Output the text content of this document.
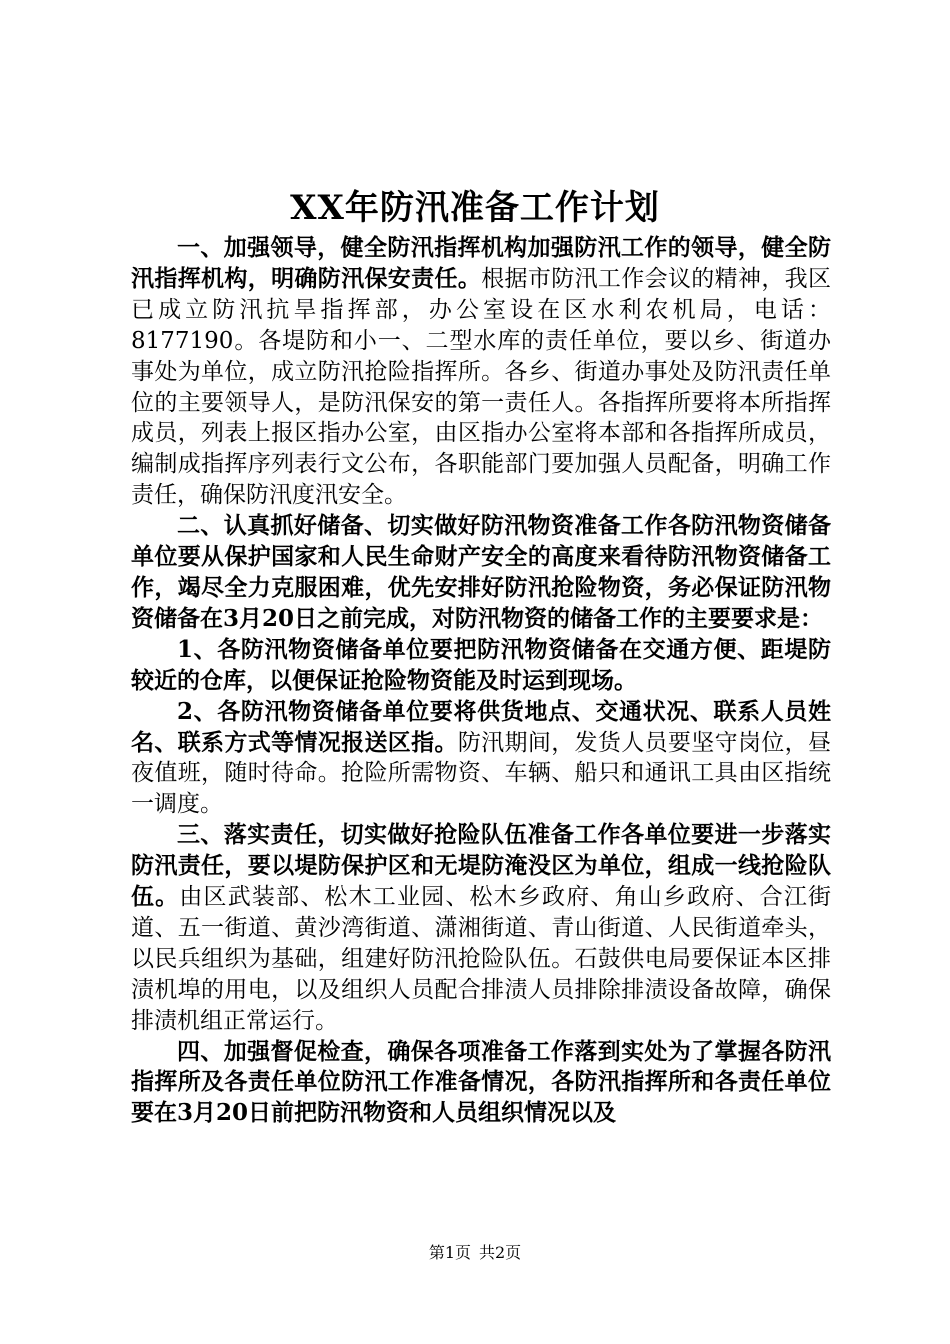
XX年防汛准备工作计划

一、加强领导，健全防汛指挥机构加强防汛工作的领导，健全防汛指挥机构，明确防汛保安责任。根据市防汛工作会议的精神，我区已成立防汛抗旱指挥部，办公室设在区水利农机局，电话：8177190。各堤防和小一、二型水库的责任单位，要以乡、街道办事处为单位，成立防汛抢险指挥所。各乡、街道办事处及防汛责任单位的主要领导人，是防汛保安的第一责任人。各指挥所要将本所指挥成员，列表上报区指办公室，由区指办公室将本部和各指挥所成员，编制成指挥序列表行文公布，各职能部门要加强人员配备，明确工作责任，确保防汛度汛安全。

二、认真抓好储备、切实做好防汛物资准备工作各防汛物资储备单位要从保护国家和人民生命财产安全的高度来看待防汛物资储备工作，竭尽全力克服困难，优先安排好防汛抢险物资，务必保证防汛物资储备在3月20日之前完成，对防汛物资的储备工作的主要要求是：

1、各防汛物资储备单位要把防汛物资储备在交通方便、距堤防较近的仓库，以便保证抢险物资能及时运到现场。

2、各防汛物资储备单位要将供货地点、交通状况、联系人员姓名、联系方式等情况报送区指。防汛期间，发货人员要坚守岗位，昼夜值班，随时待命。抢险所需物资、车辆、船只和通讯工具由区指统一调度。

三、落实责任，切实做好抢险队伍准备工作各单位要进一步落实防汛责任，要以堤防保护区和无堤防淹没区为单位，组成一线抢险队伍。由区武装部、松木工业园、松木乡政府、角山乡政府、合江街道、五一街道、黄沙湾街道、潇湘街道、青山街道、人民街道牵头，以民兵组织为基础，组建好防汛抢险队伍。石鼓供电局要保证本区排渍机埠的用电，以及组织人员配合排渍人员排除排渍设备故障，确保排渍机组正常运行。

四、加强督促检查，确保各项准备工作落到实处为了掌握各防汛指挥所及各责任单位防汛工作准备情况，各防汛指挥所和各责任单位要在3月20日前把防汛物资和人员组织情况以及

第1页 共2页
